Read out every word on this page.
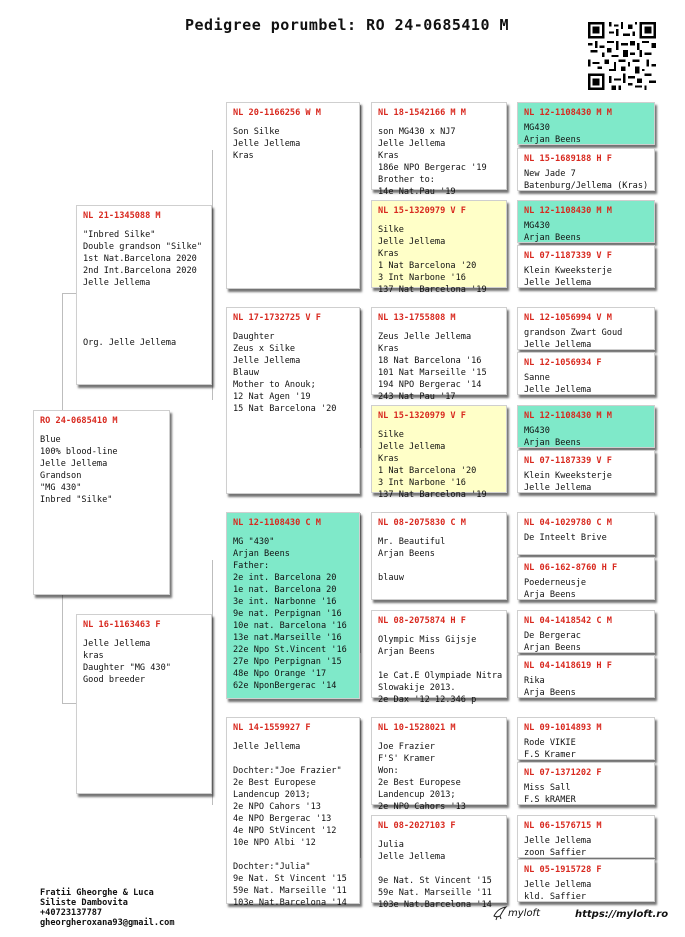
Pedigree porumbel: RO 24-0685410 M
RO 24-0685410 M
Blue
100% blood-line
Jelle Jellema
Grandson
"MG 430"
Inbred "Silke"
NL 21-1345088 M
"Inbred Silke"
Double grandson "Silke"
1st Nat.Barcelona 2020
2nd Int.Barcelona 2020
Jelle Jellema
Org. Jelle Jellema
NL 16-1163463 F
Jelle Jellema
kras
Daughter "MG 430"
Good breeder
NL 20-1166256 W M
Son Silke
Jelle Jellema
Kras
NL 17-1732725 V F
Daughter
Zeus x Silke
Jelle Jellema
Blauw
Mother to Anouk;
12 Nat Agen '19
15 Nat Barcelona '20
NL 12-1108430 C M
MG "430"
Arjan Beens
Father:
2e int. Barcelona 20
1e nat. Barcelona 20
3e int. Narbonne '16
9e nat. Perpignan '16
10e nat. Barcelona '16
13e nat.Marseille '16
22e Npo St.Vincent '16
27e Npo Perpignan '15
48e Npo Orange '17
62e NponBergerac '14
NL 14-1559927 F
Jelle Jellema
Dochter:"Joe Frazier"
2e Best Europese
Landencup 2013;
2e NPO Cahors '13
4e NPO Bergerac '13
4e NPO StVincent '12
10e NPO Albi '12
Dochter:"Julia"
9e Nat. St Vincent '15
59e Nat. Marseille '11
103e Nat.Barcelona '14
NL 18-1542166 M M
son MG430 x NJ7
Jelle Jellema
Kras
186e NPO Bergerac '19
Brother to:
14e Nat.Pau '19
NL 15-1320979 V F
Silke
Jelle Jellema
Kras
1 Nat Barcelona '20
3 Int Narbone '16
137 Nat Barcelona '19
NL 13-1755808 M
Zeus Jelle Jellema
Kras
18 Nat Barcelona '16
101 Nat Marseille '15
194 NPO Bergerac '14
243 Nat Pau '17
NL 15-1320979 V F
Silke
Jelle Jellema
Kras
1 Nat Barcelona '20
3 Int Narbone '16
137 Nat Barcelona '19
NL 08-2075830 C M
Mr. Beautiful
Arjan Beens
blauw
NL 08-2075874 H F
Olympic Miss Gijsje
Arjan Beens
1e Cat.E Olympiade Nitra
Slowakije 2013.
2e Dax '12 12.346 p
NL 10-1528021 M
Joe Frazier
F'S' Kramer
Won:
2e Best Europese
Landencup 2013;
2e NPO Cahors '13
NL 08-2027103 F
Julia
Jelle Jellema
9e Nat. St Vincent '15
59e Nat. Marseille '11
103e Nat.Barcelona '14
NL 12-1108430 M M
MG430
Arjan Beens
NL 15-1689188 H F
New Jade 7
Batenburg/Jellema (Kras)
NL 12-1108430 M M
MG430
Arjan Beens
NL 07-1187339 V F
Klein Kweeksterje
Jelle Jellema
NL 12-1056994 V M
grandson Zwart Goud
Jelle Jellema
NL 12-1056934 F
Sanne
Jelle Jellema
NL 12-1108430 M M
MG430
Arjan Beens
NL 07-1187339 V F
Klein Kweeksterje
Jelle Jellema
NL 04-1029780 C M
De Inteelt Brive
NL 06-162-8760 H F
Poederneusje
Arja Beens
NL 04-1418542 C M
De Bergerac
Arjan Beens
NL 04-1418619 H F
Rika
Arja Beens
NL 09-1014893 M
Rode VIKIE
F.S Kramer
NL 07-1371202 F
Miss Sall
F.S kRAMER
NL 06-1576715 M
Jelle Jellema
zoon Saffier
NL 05-1915728 F
Jelle Jellema
kld. Saffier
Fratii Gheorghe & Luca
Siliste Dambovita
+40723137787
gheorgheroxana93@gmail.com
myloft	https://myloft.ro
